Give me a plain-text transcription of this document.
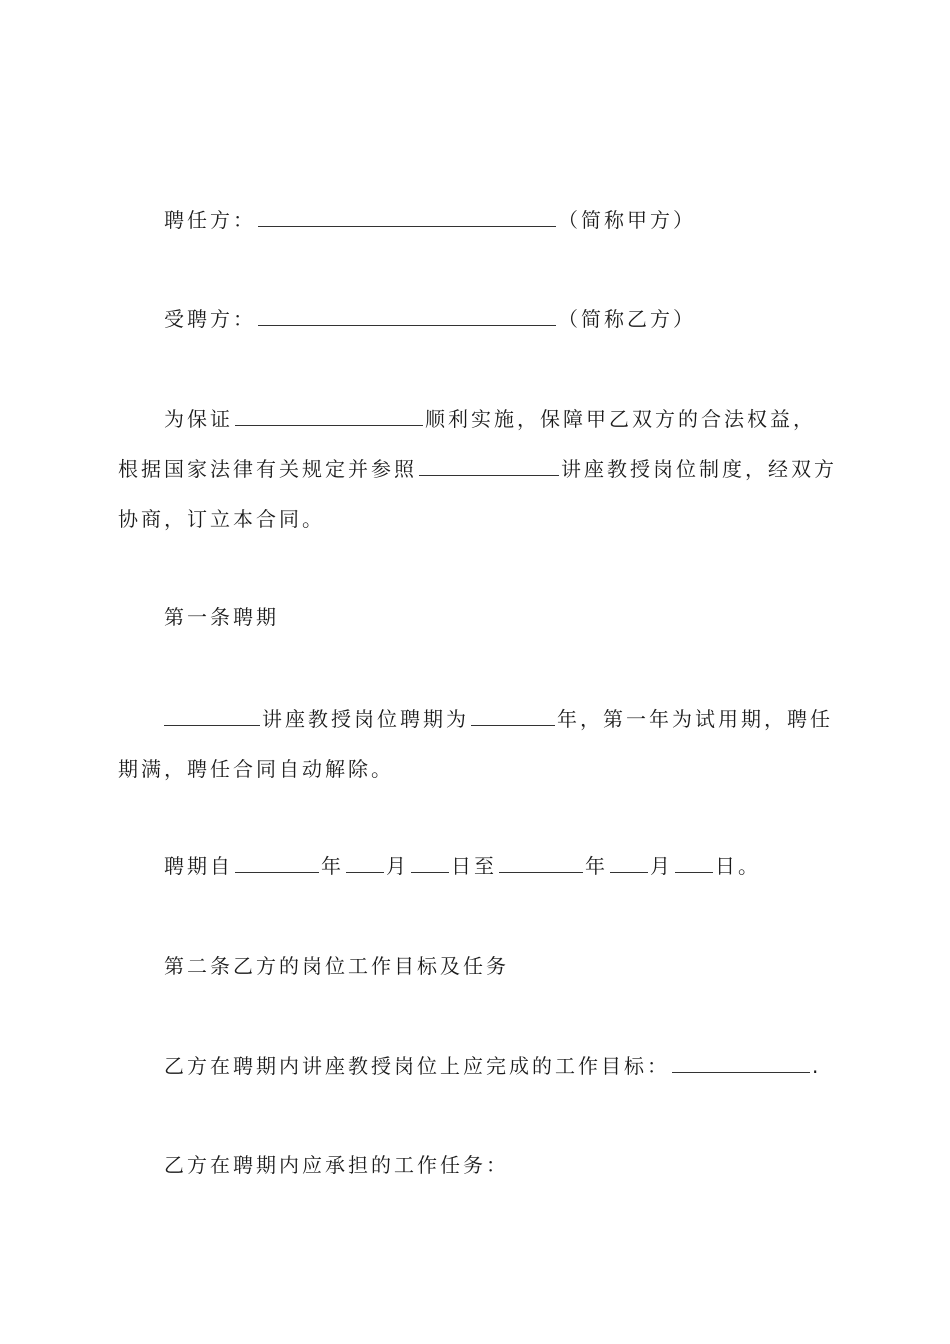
聘任方：	（简称甲方）
受聘方：	（简称乙方）
为保证	顺利实施，保障甲乙双方的合法权益，根据国家法律有关规定并参照	讲座教授岗位制度，经双方协商，订立本合同。
第一条聘期
讲座教授岗位聘期为	年，第一年为试用期，聘任期满，聘任合同自动解除。
聘期自	年 月 日至	年 月 日。
第二条乙方的岗位工作目标及任务
乙方在聘期内讲座教授岗位上应完成的工作目标：	.
乙方在聘期内应承担的工作任务：
